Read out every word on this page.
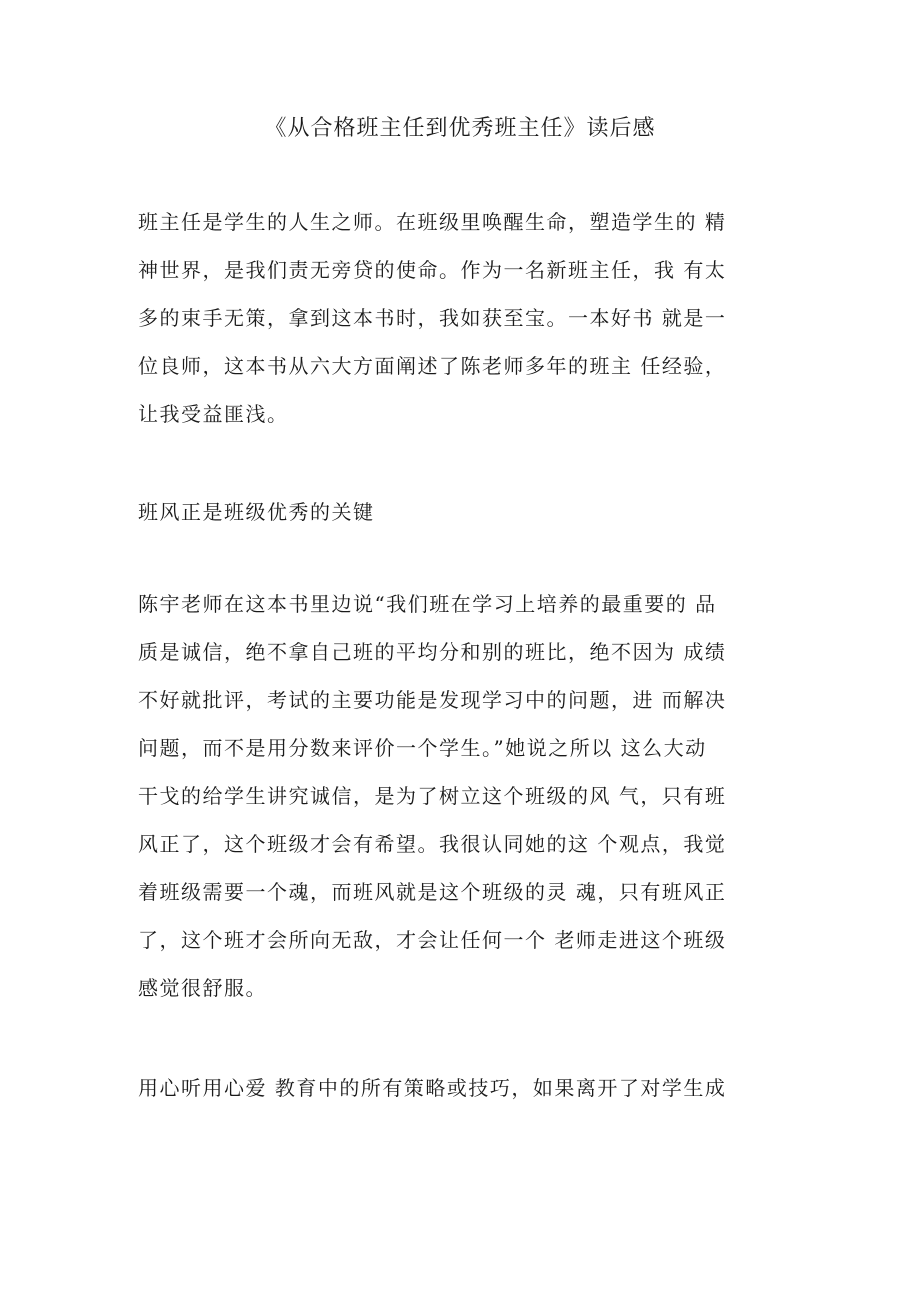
《从合格班主任到优秀班主任》读后感
班主任是学生的人生之师。在班级里唤醒生命，塑造学生的 精
神世界，是我们责无旁贷的使命。作为一名新班主任，我 有太
多的束手无策，拿到这本书时，我如获至宝。一本好书 就是一
位良师，这本书从六大方面阐述了陈老师多年的班主 任经验，
让我受益匪浅。
班风正是班级优秀的关键
陈宇老师在这本书里边说“我们班在学习上培养的最重要的 品
质是诚信，绝不拿自己班的平均分和别的班比，绝不因为 成绩
不好就批评，考试的主要功能是发现学习中的问题，进 而解决
问题，而不是用分数来评价一个学生。”她说之所以 这么大动
干戈的给学生讲究诚信，是为了树立这个班级的风 气，只有班
风正了，这个班级才会有希望。我很认同她的这 个观点，我觉
着班级需要一个魂，而班风就是这个班级的灵 魂，只有班风正
了，这个班才会所向无敌，才会让任何一个 老师走进这个班级
感觉很舒服。
用心听用心爱 教育中的所有策略或技巧，如果离开了对学生成
